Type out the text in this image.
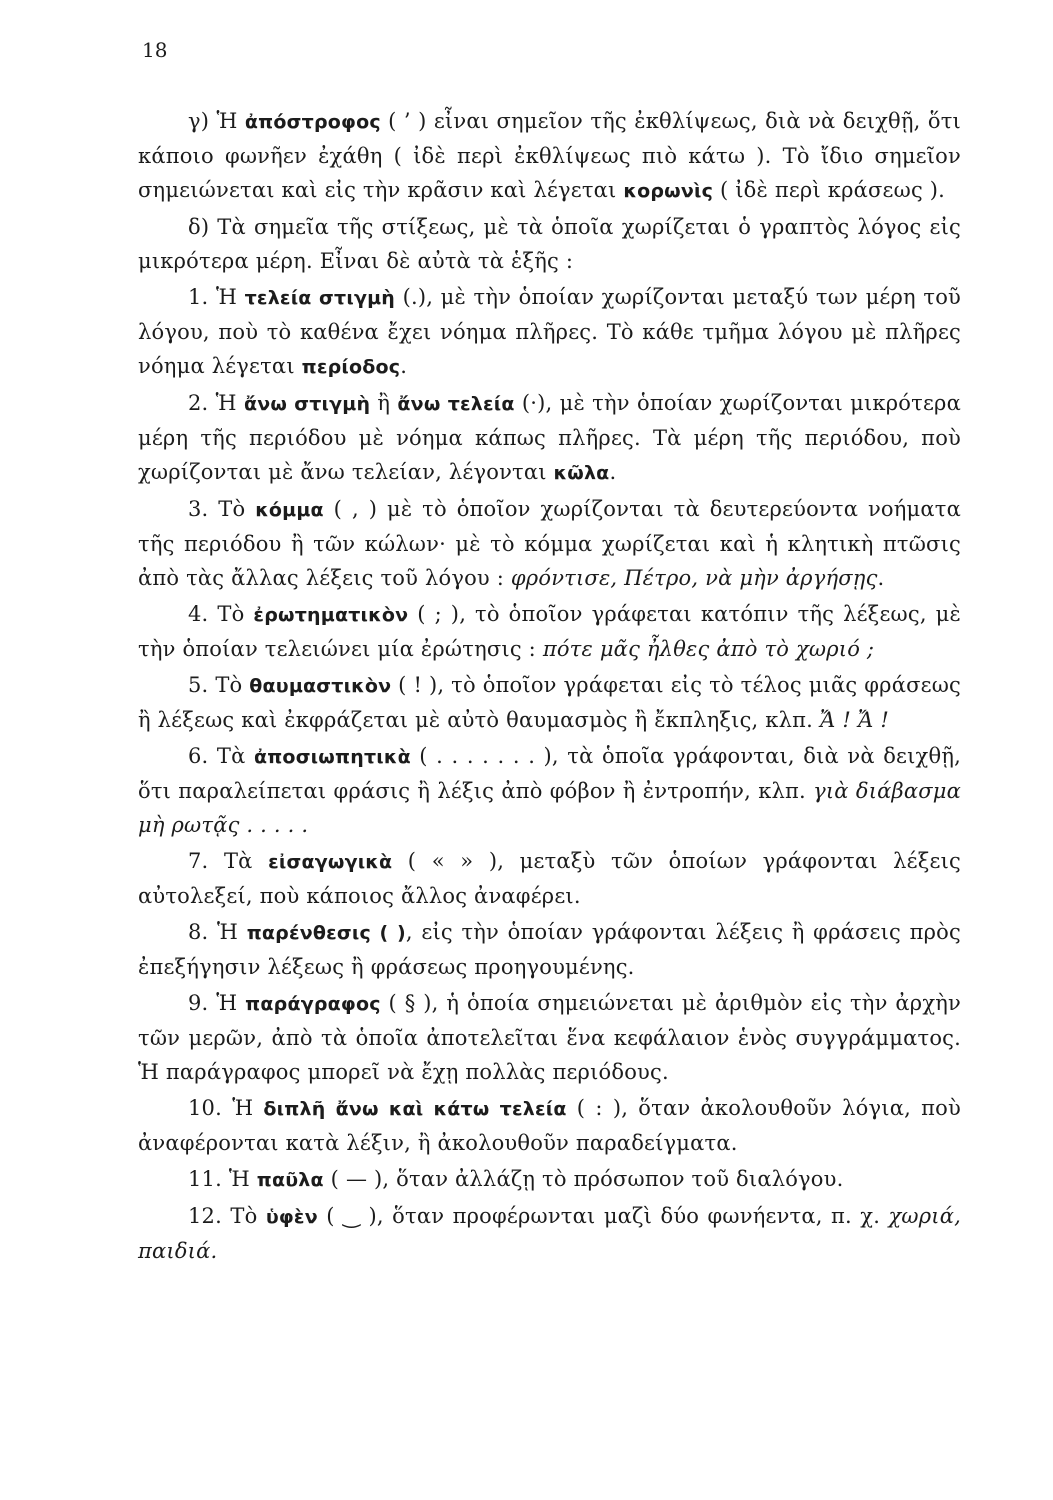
18

γ) Ἡ ἀπόστροφος ( ’ ) εἶναι σημεῖον τῆς ἐκθλίψεως, διὰ νὰ δειχθῇ, ὅτι κάποιο φωνῆεν ἐχάθη ( ἰδὲ περὶ ἐκθλίψεως πιὸ κάτω ). Τὸ ἴδιο σημεῖον σημειώνεται καὶ εἰς τὴν κρᾶσιν καὶ λέγεται κορωνὶς ( ἰδὲ περὶ κράσεως ).

δ) Τὰ σημεῖα τῆς στίξεως, μὲ τὰ ὁποῖα χωρίζεται ὁ γραπτὸς λόγος εἰς μικρότερα μέρη. Εἶναι δὲ αὐτὰ τὰ ἑξῆς :

1. Ἡ τελεία στιγμὴ (.), μὲ τὴν ὁποίαν χωρίζονται μεταξύ των μέρη τοῦ λόγου, ποὺ τὸ καθένα ἔχει νόημα πλῆρες. Τὸ κάθε τμῆμα λόγου μὲ πλῆρες νόημα λέγεται περίοδος.

2. Ἡ ἄνω στιγμὴ ἢ ἄνω τελεία (·), μὲ τὴν ὁποίαν χωρίζονται μικρότερα μέρη τῆς περιόδου μὲ νόημα κάπως πλῆρες. Τὰ μέρη τῆς περιόδου, ποὺ χωρίζονται μὲ ἄνω τελείαν, λέγονται κῶλα.

3. Τὸ κόμμα ( , ) μὲ τὸ ὁποῖον χωρίζονται τὰ δευτερεύοντα νοήματα τῆς περιόδου ἢ τῶν κώλων· μὲ τὸ κόμμα χωρίζεται καὶ ἡ κλητικὴ πτῶσις ἀπὸ τὰς ἄλλας λέξεις τοῦ λόγου : φρόντισε, Πέτρο, νὰ μὴν ἀργήσῃς.

4. Τὸ ἐρωτηματικὸν ( ; ), τὸ ὁποῖον γράφεται κατόπιν τῆς λέξεως, μὲ τὴν ὁποίαν τελειώνει μία ἐρώτησις : πότε μᾶς ἦλθες ἀπὸ τὸ χωριό ;

5. Τὸ θαυμαστικὸν ( ! ), τὸ ὁποῖον γράφεται εἰς τὸ τέλος μιᾶς φράσεως ἢ λέξεως καὶ ἐκφράζεται μὲ αὐτὸ θαυμασμὸς ἢ ἔκπληξις, κλπ. Ἄ ! Ἄ !

6. Τὰ ἀποσιωπητικὰ ( . . . . . . . ), τὰ ὁποῖα γράφονται, διὰ νὰ δειχθῇ, ὅτι παραλείπεται φράσις ἢ λέξις ἀπὸ φόβον ἢ ἐντροπήν, κλπ. γιὰ διάβασμα μὴ ρωτᾷς . . . . .

7. Τὰ εἰσαγωγικὰ ( « » ), μεταξὺ τῶν ὁποίων γράφονται λέξεις αὐτολεξεί, ποὺ κάποιος ἄλλος ἀναφέρει.

8. Ἡ παρένθεσις ( ), εἰς τὴν ὁποίαν γράφονται λέξεις ἢ φράσεις πρὸς ἐπεξήγησιν λέξεως ἢ φράσεως προηγουμένης.

9. Ἡ παράγραφος ( § ), ἡ ὁποία σημειώνεται μὲ ἀριθμὸν εἰς τὴν ἀρχὴν τῶν μερῶν, ἀπὸ τὰ ὁποῖα ἀποτελεῖται ἕνα κεφάλαιον ἑνὸς συγγράμματος. Ἡ παράγραφος μπορεῖ νὰ ἔχῃ πολλὰς περιόδους.

10. Ἡ διπλῆ ἄνω καὶ κάτω τελεία ( : ), ὅταν ἀκολουθοῦν λόγια, ποὺ ἀναφέρονται κατὰ λέξιν, ἢ ἀκολουθοῦν παραδείγματα.

11. Ἡ παῦλα ( — ), ὅταν ἀλλάζῃ τὸ πρόσωπον τοῦ διαλόγου.

12. Τὸ ὑφὲν ( ‿ ), ὅταν προφέρωνται μαζὶ δύο φωνήεντα, π. χ. χωριά, παιδιά.
